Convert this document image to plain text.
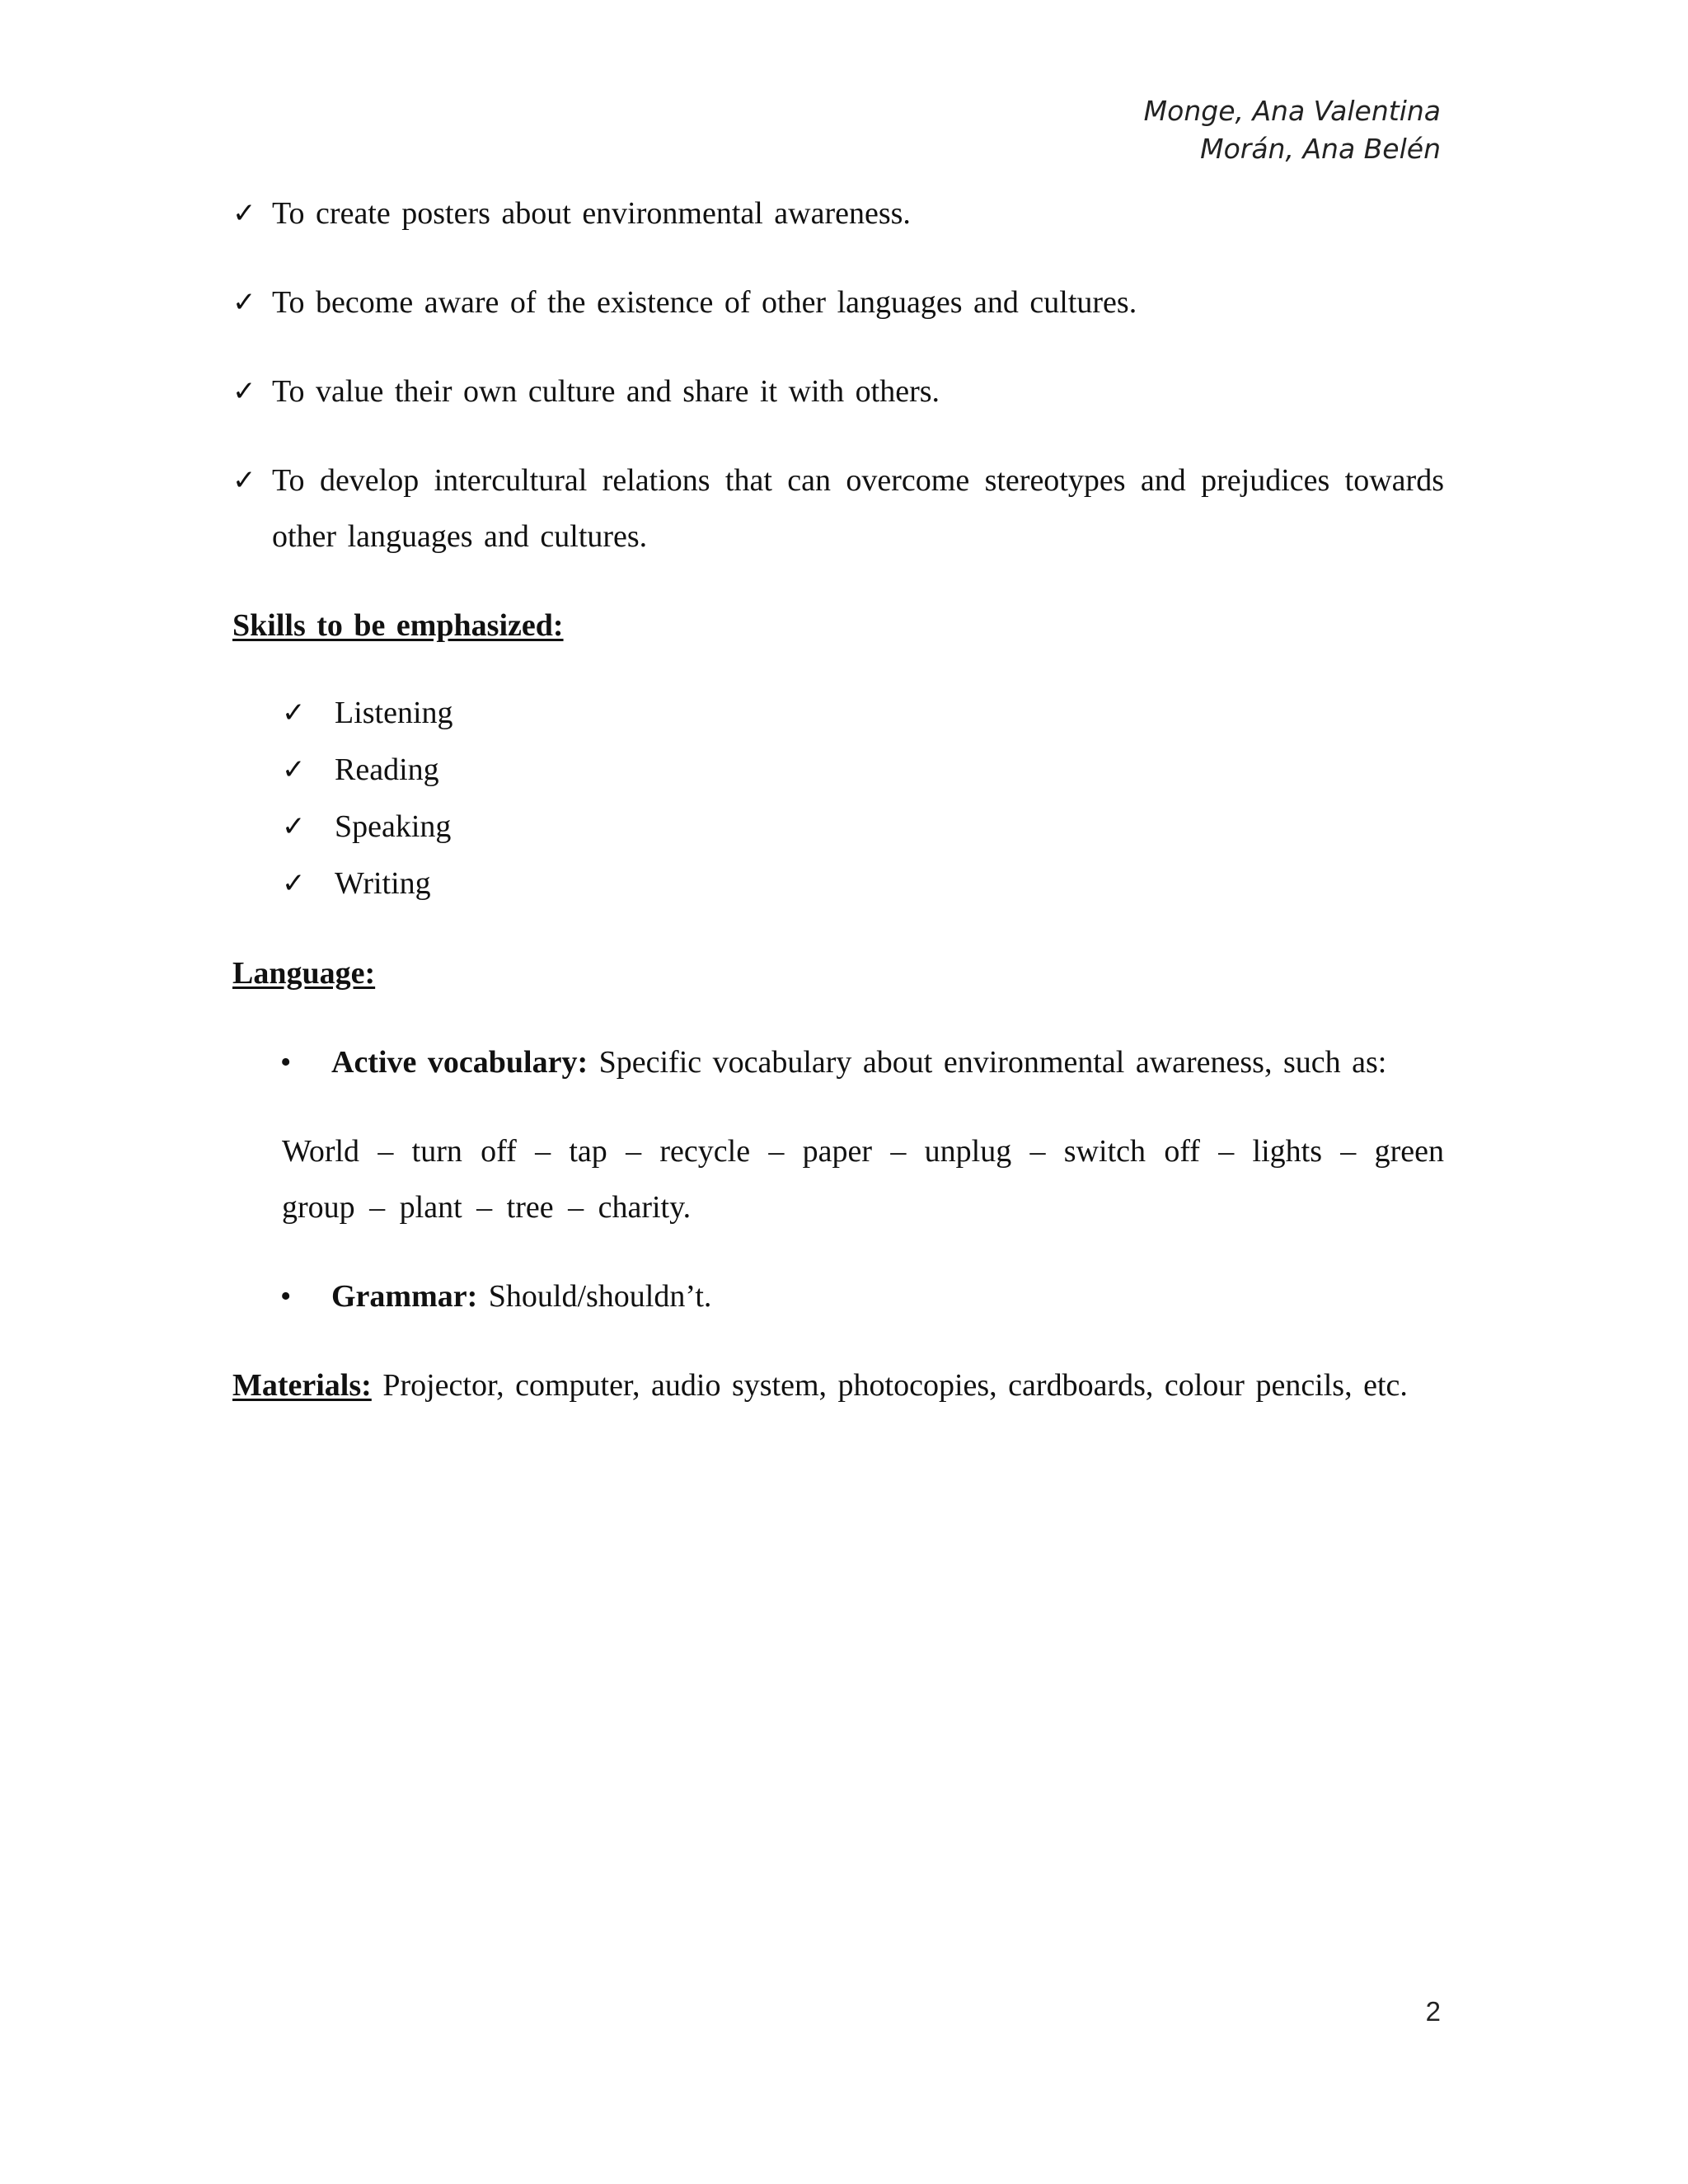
Monge, Ana Valentina
Morán, Ana Belén
✓ To create posters about environmental awareness.
✓ To become aware of the existence of other languages and cultures.
✓ To value their own culture and share it with others.
✓ To develop intercultural relations that can overcome stereotypes and prejudices towards other languages and cultures.
Skills to be emphasized:
✓ Listening
✓ Reading
✓ Speaking
✓ Writing
Language:
• Active vocabulary: Specific vocabulary about environmental awareness, such as:
World – turn off – tap – recycle – paper – unplug – switch off – lights – green group – plant – tree – charity.
• Grammar: Should/shouldn’t.
Materials: Projector, computer, audio system, photocopies, cardboards, colour pencils, etc.
2
